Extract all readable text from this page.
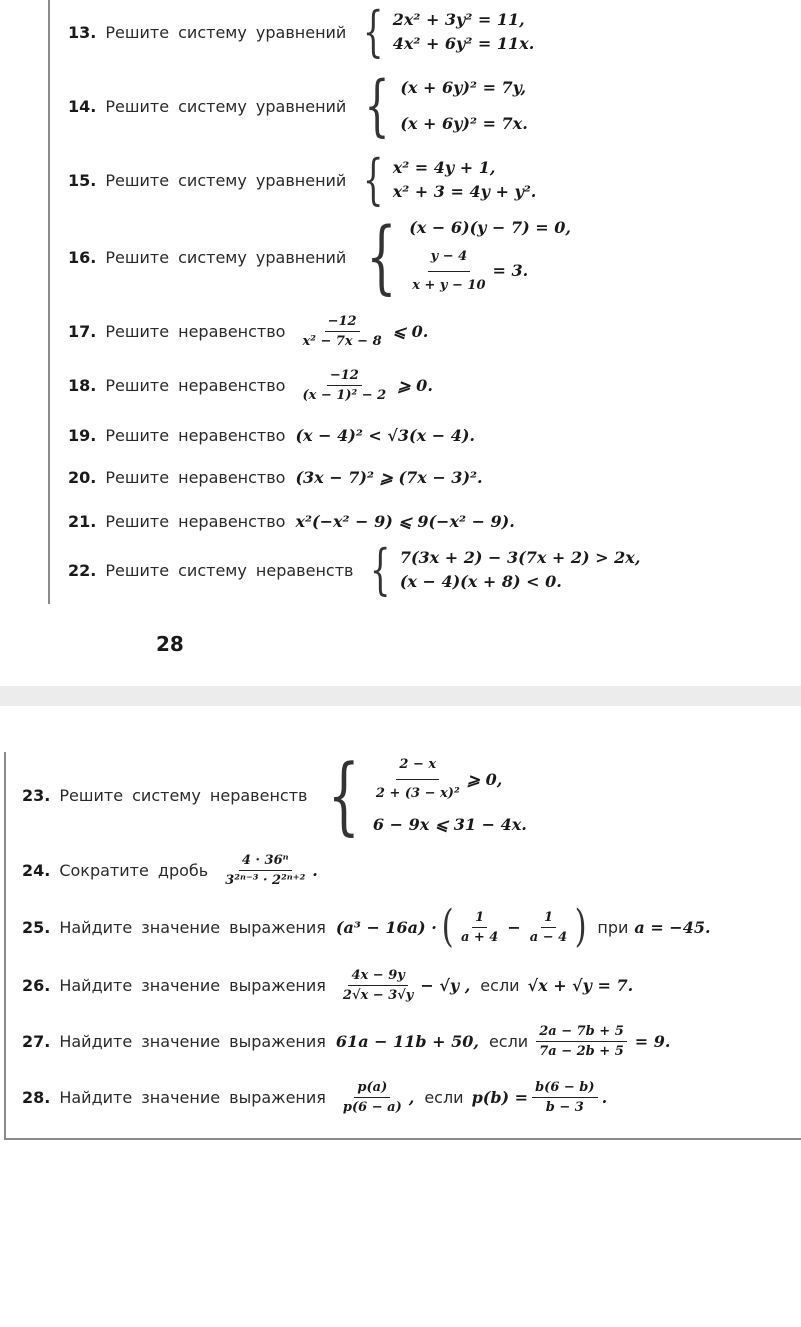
13. Решите систему уравнений { 2x² + 3y² = 11,
4x² + 6y² = 11x.
14. Решите систему уравнений { (x + 6y)² = 7y,
(x + 6y)² = 7x.
15. Решите систему уравнений { x² = 4y + 1,
x² + 3 = 4y + y².
16. Решите систему уравнений { (x − 6)(y − 7) = 0,
$\frac{y - 4}{x + y - 10} = 3$.
17. Решите неравенство $\frac{-12}{\text{x² − 7x − 8}}$ ⩽ 0.
18. Решите неравенство $\frac{-12}{\text{(x − 1)² − 2}}$ ⩾ 0.
19. Решите неравенство (x − 4)² < √3(x − 4).
20. Решите неравенство (3x − 7)² ⩾ (7x − 3)².
21. Решите неравенство x²(−x² − 9) ⩽ 9(−x² − 9).
22. Решите систему неравенств { 7(3x + 2) − 3(7x + 2) > 2x,
(x − 4)(x + 8) < 0.
28
23. Решите систему неравенств { $\frac{2 - x}{\text{2 + (3 − x)²}}$ ⩾ 0,
6 − 9x ⩽ 31 − 4x.
24. Сократите дробь $\frac{\text{4 · 36ⁿ}}{\text{3²ⁿ⁻³ · 2²ⁿ⁺²}}$ .
25. Найдите значение выражения (a³ − 16a) · ( $\frac{1}{a + 4} - \frac{1}{a - 4}$ ) при a = −45.
26. Найдите значение выражения $\frac{4x - 9y}{2√x - 3√y} - √y$ , если √x + √y = 7.
27. Найдите значение выражения 61a − 11b + 50, если $\frac{2a - 7b + 5}{7a - 2b + 5} = 9$.
28. Найдите значение выражения $\frac{p(a)}{p(6 - a)}$ , если $p(b) = \frac{b(6 - b)}{b - 3}$ .
